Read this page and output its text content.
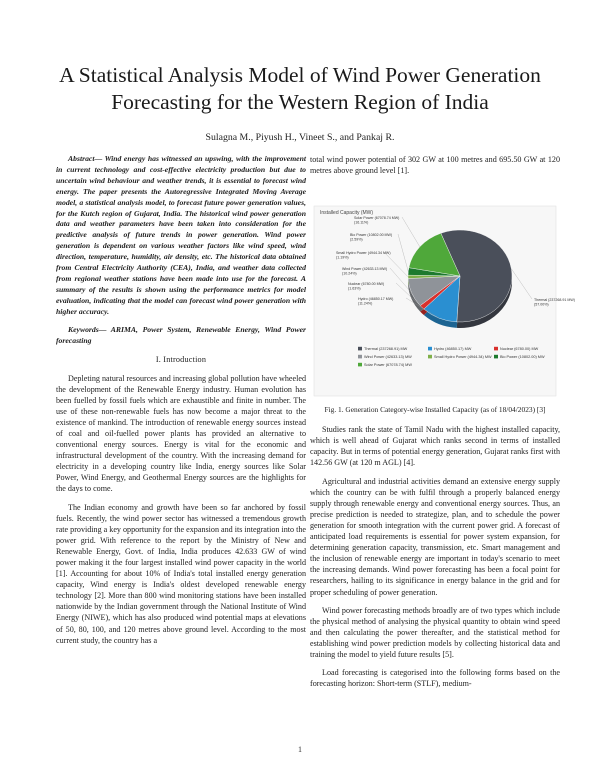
A Statistical Analysis Model of Wind Power Generation Forecasting for the Western Region of India
Sulagna M., Piyush H., Vineet S., and Pankaj R.

Abstract— Wind energy has witnessed an upswing, with the improvement in current technology and cost-effective electricity production but due to uncertain wind behaviour and weather trends, it is essential to forecast wind energy. The paper presents the Autoregressive Integrated Moving Average model, a statistical analysis model, to forecast future power generation values, for the Kutch region of Gujarat, India. The historical wind power generation data and weather parameters have been taken into consideration for the predictive analysis of future trends in power generation. Wind power generation is dependent on various weather factors like wind speed, wind direction, temperature, humidity, air density, etc. The historical data obtained from Central Electricity Authority (CEA), India, and weather data collected from regional weather stations have been made into use for the forecast. A summary of the results is shown using the performance metrics for model evaluation, indicating that the model can forecast wind power generation with higher accuracy.

Keywords— ARIMA, Power System, Renewable Energy, Wind Power forecasting

I. Introduction

Depleting natural resources and increasing global pollution have wheeled the development of the Renewable Energy industry. Human evolution has been fuelled by fossil fuels which are exhaustible and finite in number. The use of these non-renewable fuels has now become a major threat to the existence of mankind. The introduction of renewable energy sources instead of coal and oil-fuelled power plants has provided an alternative to conventional energy sources. Energy is vital for the economic and infrastructural development of the country. With the increasing demand for electricity in a developing country like India, energy sources like Solar Power, Wind Energy, and Geothermal Energy sources are the highlights for the days to come.

The Indian economy and growth have been so far anchored by fossil fuels. Recently, the wind power sector has witnessed a tremendous growth rate providing a key opportunity for the expansion and its integration into the power grid. With reference to the report by the Ministry of New and Renewable Energy, Govt. of India, India produces 42.633 GW of wind power making it the four largest installed wind power capacity in the world [1]. Accounting for about 10% of India's total installed energy generation capacity, Wind energy is India's oldest developed renewable energy technology [2]. More than 800 wind monitoring stations have been installed nationwide by the Indian government through the National Institute of Wind Energy (NIWE), which has also produced wind potential maps at elevations of 50, 80, 100, and 120 metres above ground level. According to the most current study, the country has a

total wind power potential of 302 GW at 100 metres and 695.50 GW at 120 metres above ground level [1].

Installed Capacity (MW)
Thermal (237268.91 MW) (57.00%)
Hydro (46850.17 MW) (11.24%)
Nuclear (6780.00 MW) (1.63%)
Wind Power (42633.13 MW) (10.24%)
Small Hydro Power (4944.34 MW) (1.19%)
Bio Power (10802.00 MW) (2.59%)
Solar Power (67078.74 MW) (16.11%)
Thermal (237268.91) MW	Hydro (46850.17) MW	Nuclear (6780.00) MW
Wind Power (42633.13) MW	Small Hydro Power (4944.34) MW Bio Power (10802.00) MW
Solar Power (67078.74) MW
Fig. 1. Generation Category-wise Installed Capacity (as of 18/04/2023) [3]

Studies rank the state of Tamil Nadu with the highest installed capacity, which is well ahead of Gujarat which ranks second in terms of installed capacity. But in terms of potential energy generation, Gujarat ranks first with 142.56 GW (at 120 m AGL) [4].

Agricultural and industrial activities demand an extensive energy supply which the country can be with fulfil through a properly balanced energy supply through renewable energy and conventional energy sources. Thus, an precise prediction is needed to strategize, plan, and to schedule the power generation for smooth integration with the current power grid. A forecast of anticipated load requirements is essential for power system expansion, for determining generation capacity, transmission, etc. Smart management and the inclusion of renewable energy are important in today's scenario to meet the increasing demands. Wind power forecasting has been a focal point for researchers, hailing to its significance in energy balance in the grid and for proper scheduling of power generation.

Wind power forecasting methods broadly are of two types which include the physical method of analysing the physical quantity to obtain wind speed and then calculating the power thereafter, and the statistical method for establishing wind power prediction models by collecting historical data and training the model to yield future results [5].

Load forecasting is categorised into the following forms based on the forecasting horizon: Short-term (STLF), medium-

1
